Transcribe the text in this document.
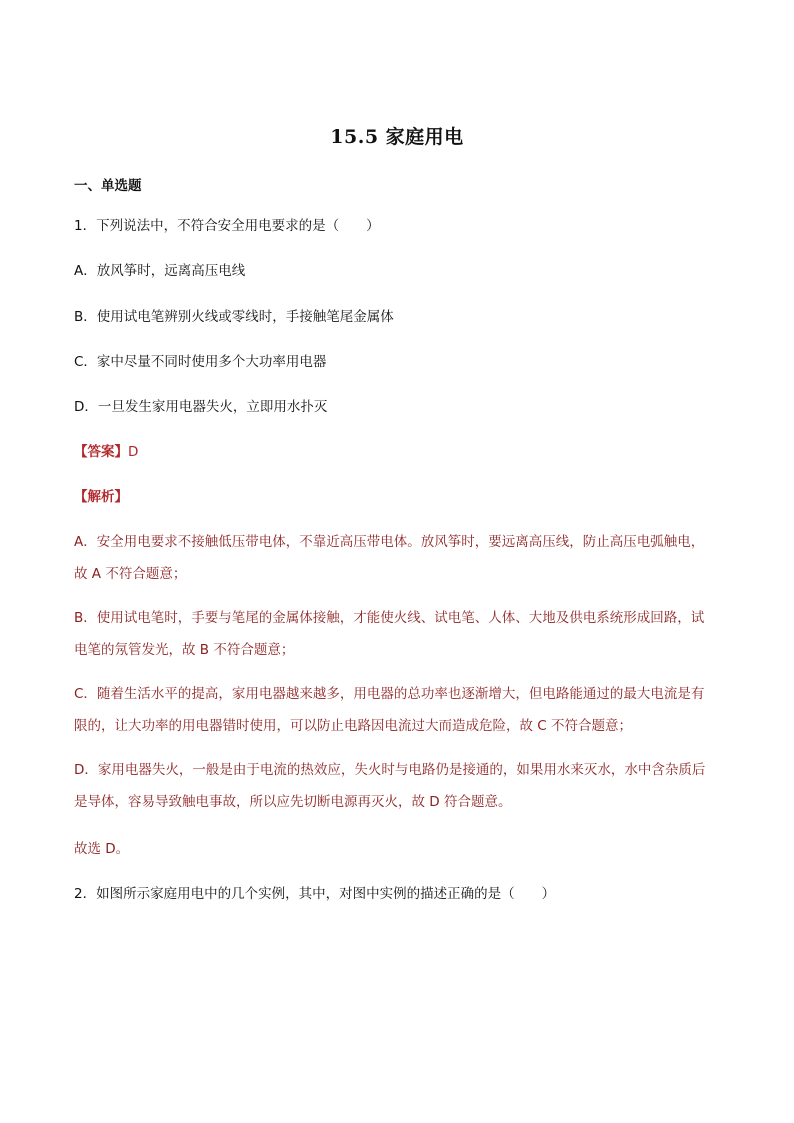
15.5 家庭用电
一、单选题
1．下列说法中，不符合安全用电要求的是（　　）
A．放风筝时，远离高压电线
B．使用试电笔辨别火线或零线时，手接触笔尾金属体
C．家中尽量不同时使用多个大功率用电器
D．一旦发生家用电器失火，立即用水扑灭
【答案】D
【解析】
A．安全用电要求不接触低压带电体，不靠近高压带电体。放风筝时，要远离高压线，防止高压电弧触电，
故 A 不符合题意；
B．使用试电笔时，手要与笔尾的金属体接触，才能使火线、试电笔、人体、大地及供电系统形成回路，试
电笔的氖管发光，故 B 不符合题意；
C．随着生活水平的提高，家用电器越来越多，用电器的总功率也逐渐增大，但电路能通过的最大电流是有
限的，让大功率的用电器错时使用，可以防止电路因电流过大而造成危险，故 C 不符合题意；
D．家用电器失火，一般是由于电流的热效应，失火时与电路仍是接通的，如果用水来灭水，水中含杂质后
是导体，容易导致触电事故，所以应先切断电源再灭火，故 D 符合题意。
故选 D。
2．如图所示家庭用电中的几个实例，其中，对图中实例的描述正确的是（　　）
